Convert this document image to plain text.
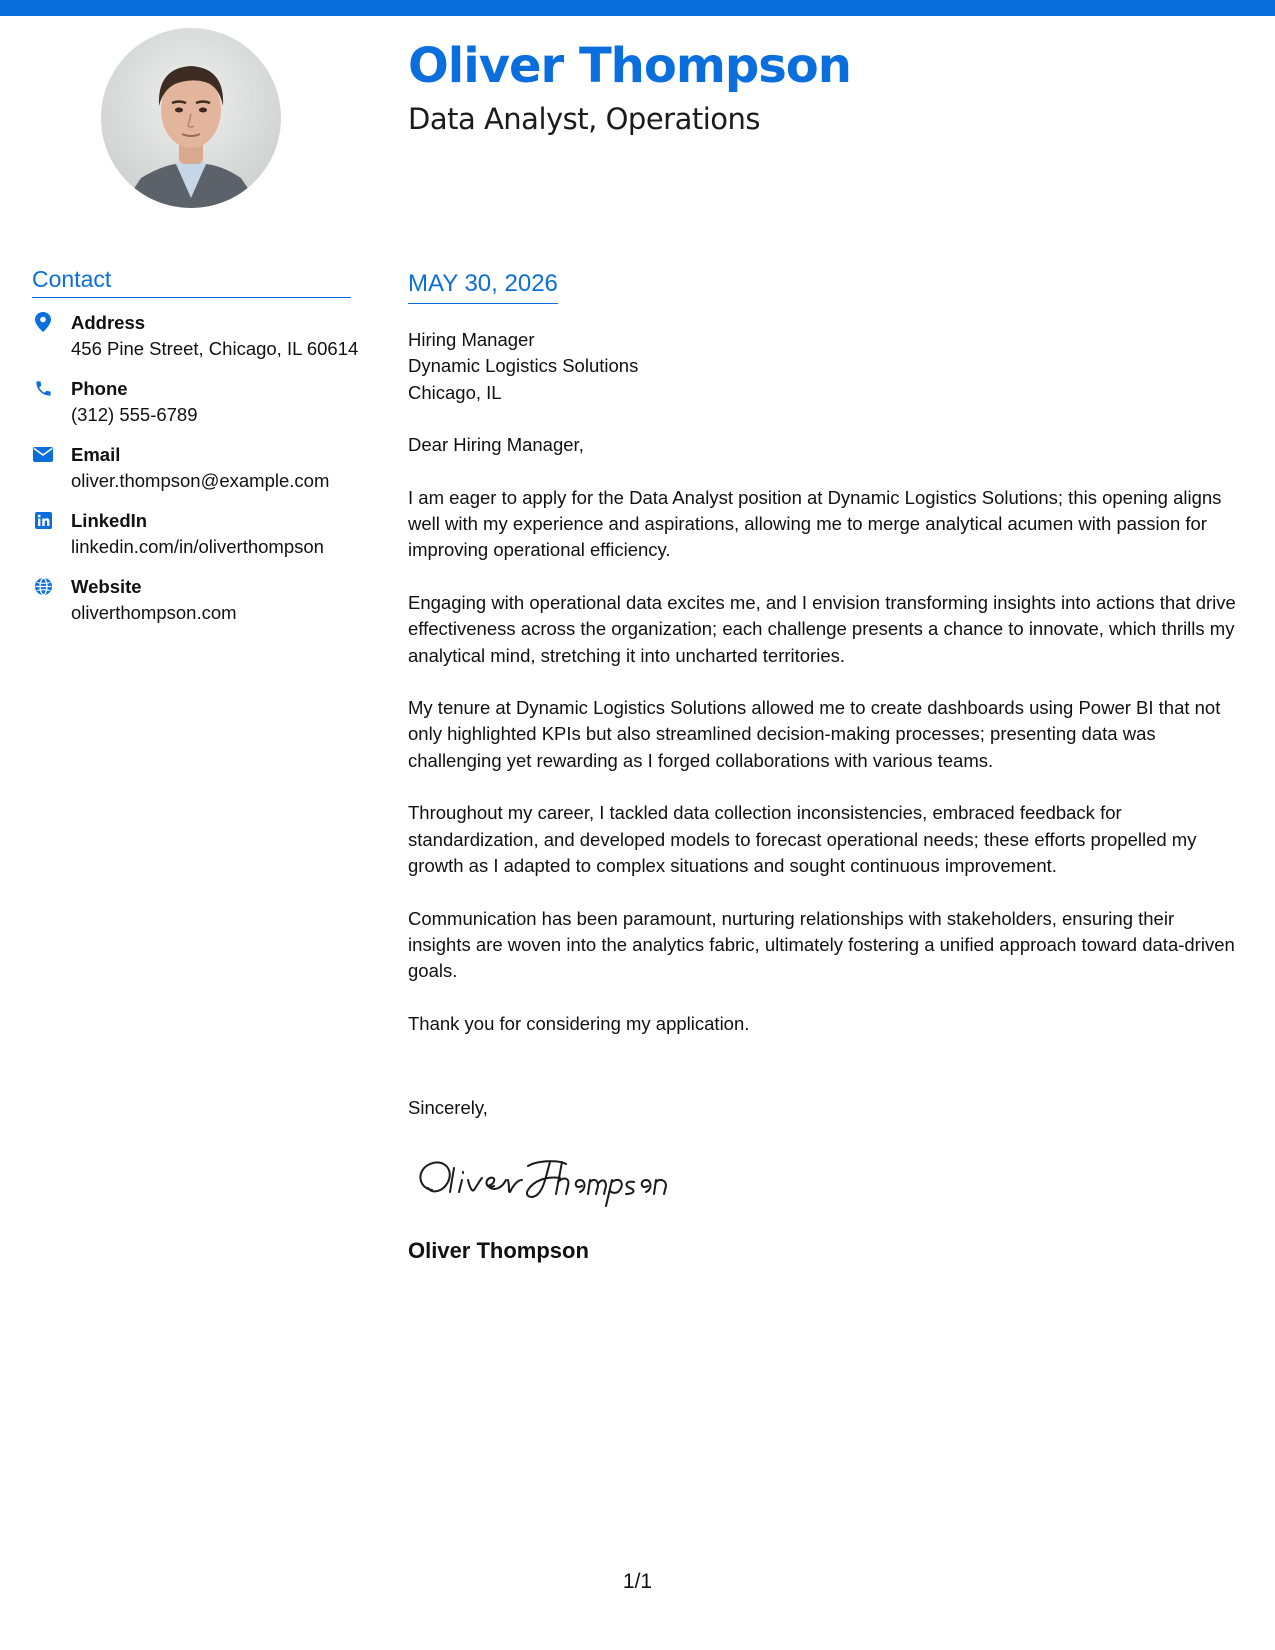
Oliver Thompson
Data Analyst, Operations
Contact
Address
456 Pine Street, Chicago, IL 60614
Phone
(312) 555-6789
Email
oliver.thompson@example.com
LinkedIn
linkedin.com/in/oliverthompson
Website
oliverthompson.com
MAY 30, 2026
Hiring Manager
Dynamic Logistics Solutions
Chicago, IL

Dear Hiring Manager,

I am eager to apply for the Data Analyst position at Dynamic Logistics Solutions; this opening aligns well with my experience and aspirations, allowing me to merge analytical acumen with passion for improving operational efficiency.

Engaging with operational data excites me, and I envision transforming insights into actions that drive effectiveness across the organization; each challenge presents a chance to innovate, which thrills my analytical mind, stretching it into uncharted territories.

My tenure at Dynamic Logistics Solutions allowed me to create dashboards using Power BI that not only highlighted KPIs but also streamlined decision-making processes; presenting data was challenging yet rewarding as I forged collaborations with various teams.

Throughout my career, I tackled data collection inconsistencies, embraced feedback for standardization, and developed models to forecast operational needs; these efforts propelled my growth as I adapted to complex situations and sought continuous improvement.

Communication has been paramount, nurturing relationships with stakeholders, ensuring their insights are woven into the analytics fabric, ultimately fostering a unified approach toward data-driven goals.

Thank you for considering my application.

Sincerely,
Oliver Thompson
1/1
